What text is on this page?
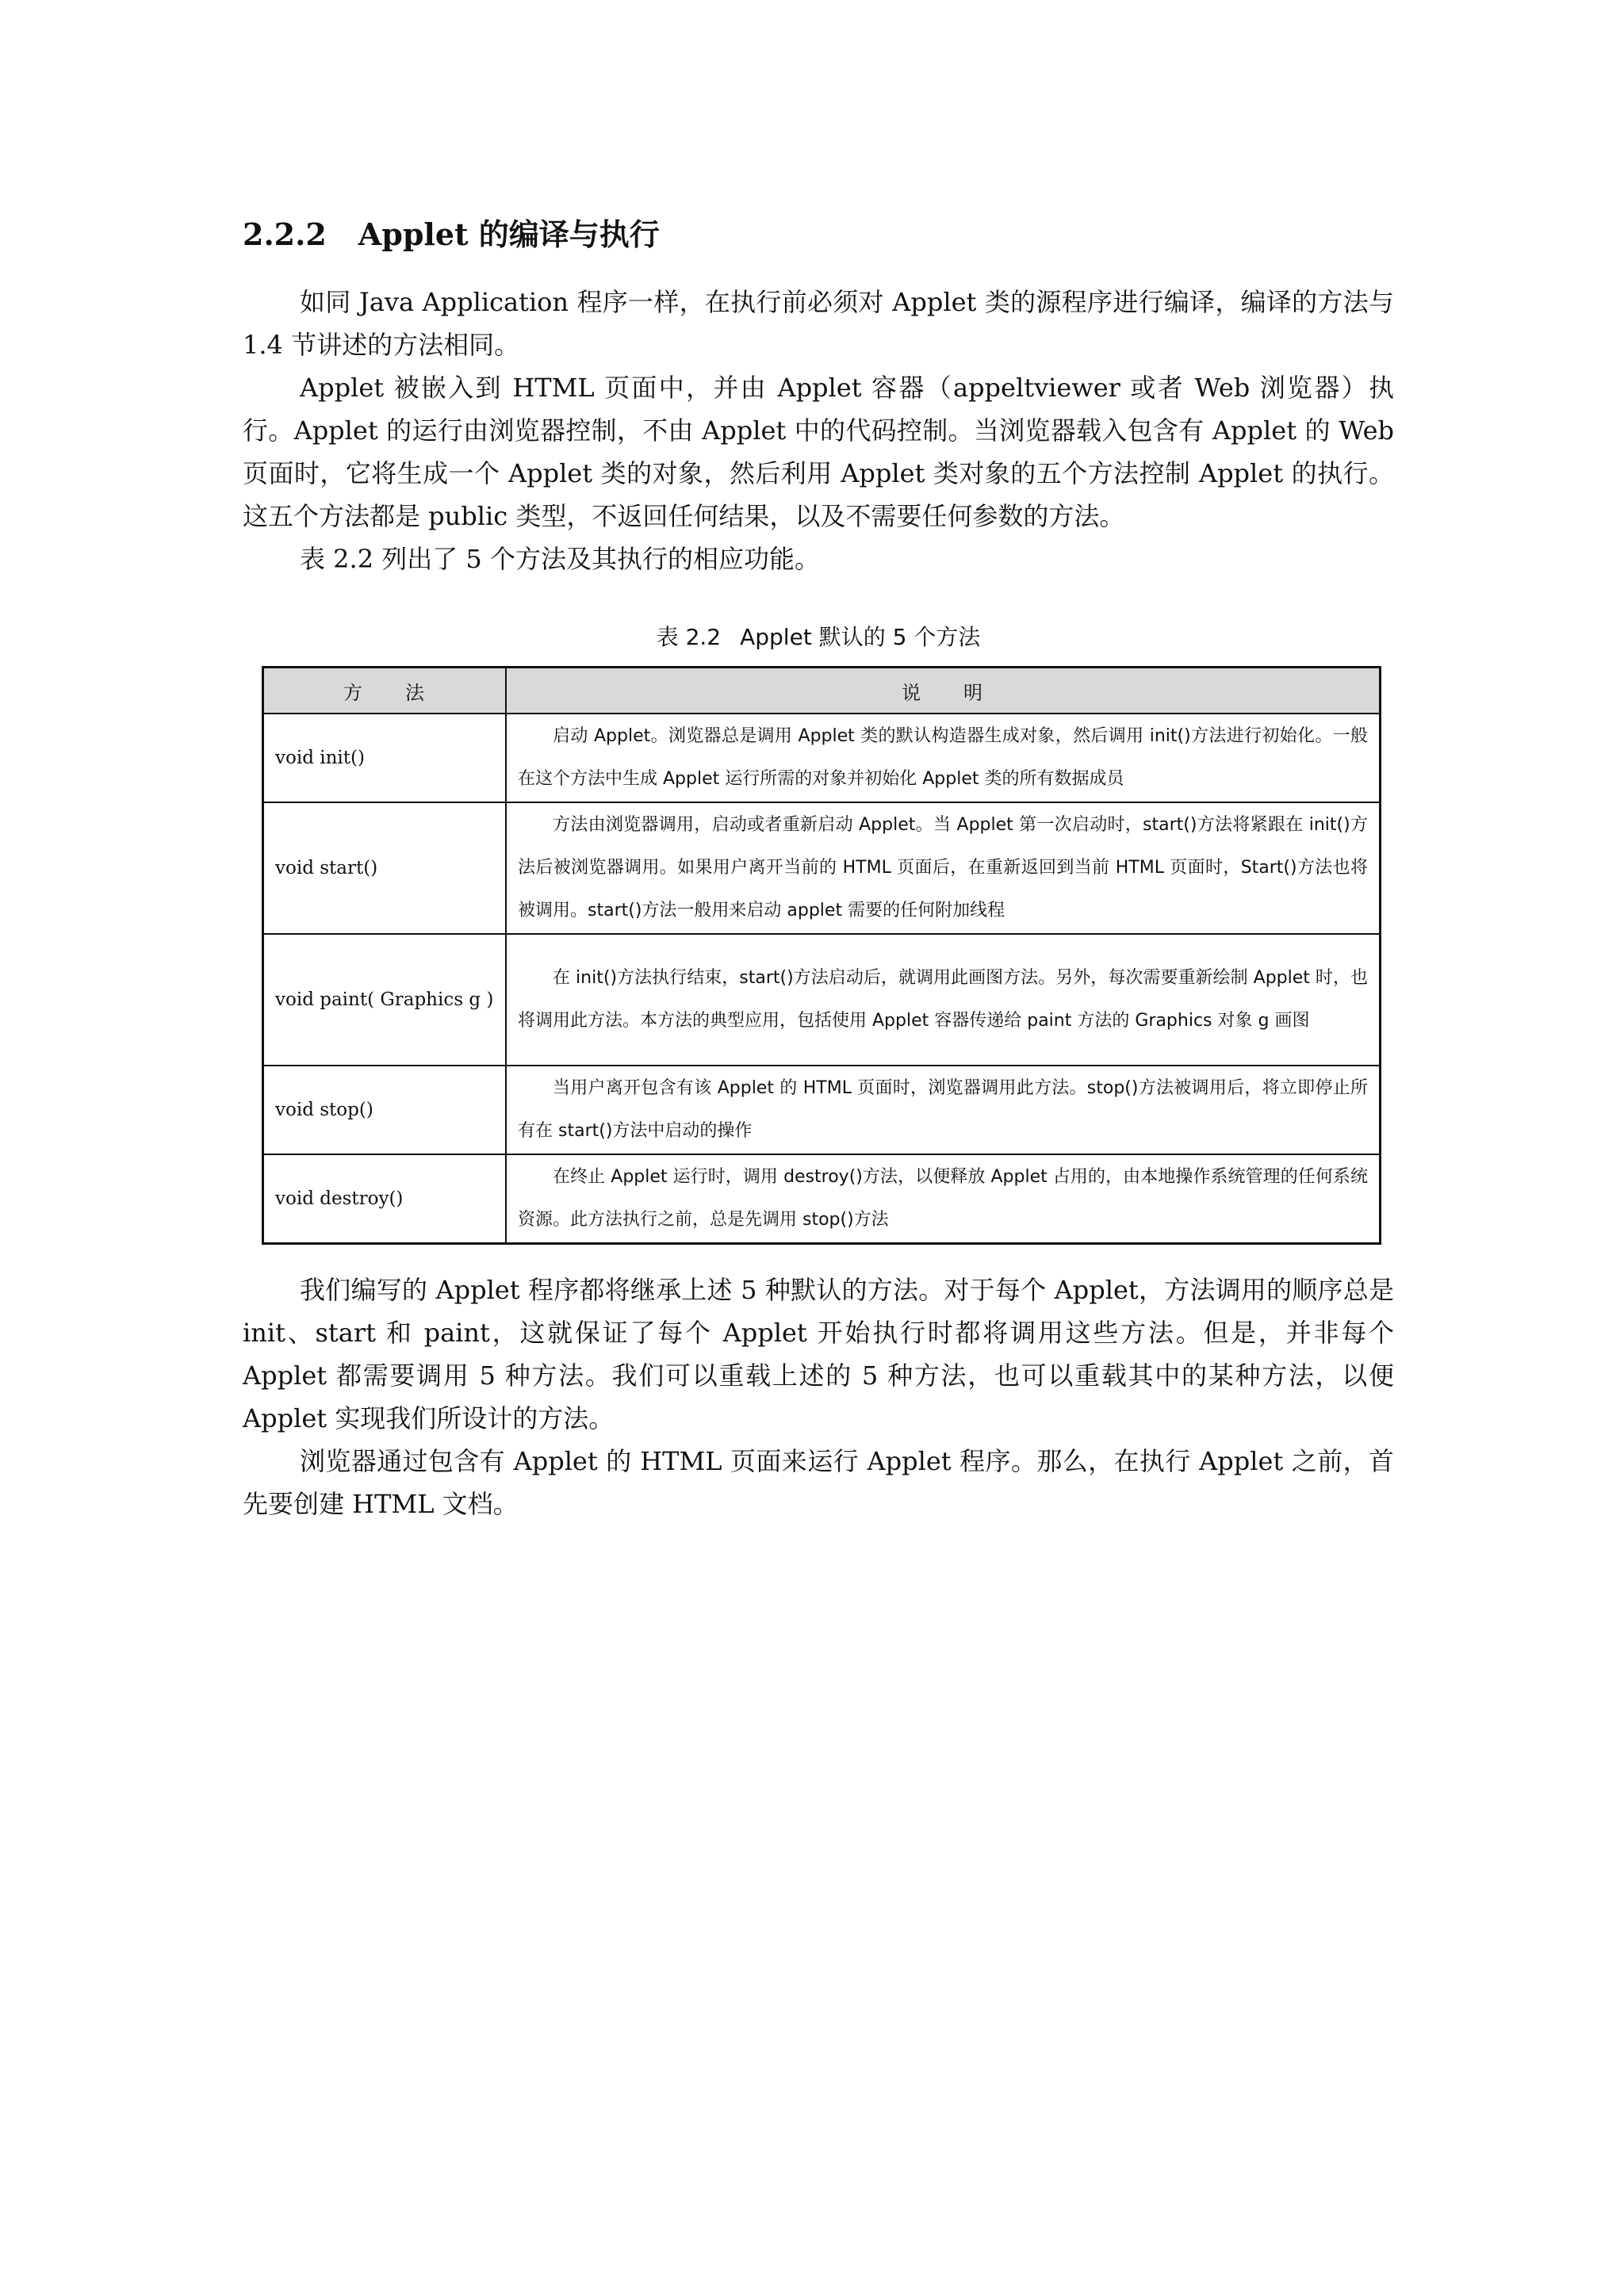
2.2.2 Applet 的编译与执行

如同 Java Application 程序一样，在执行前必须对 Applet 类的源程序进行编译，编译的方法与 1.4 节讲述的方法相同。

Applet 被嵌入到 HTML 页面中，并由 Applet 容器（appeltviewer 或者 Web 浏览器）执行。Applet 的运行由浏览器控制，不由 Applet 中的代码控制。当浏览器载入包含有 Applet 的 Web 页面时，它将生成一个 Applet 类的对象，然后利用 Applet 类对象的五个方法控制 Applet 的执行。这五个方法都是 public 类型，不返回任何结果，以及不需要任何参数的方法。

表 2.2 列出了 5 个方法及其执行的相应功能。

表 2.2 Applet 默认的 5 个方法
方　　法	说　　明
void init()	启动 Applet。浏览器总是调用 Applet 类的默认构造器生成对象，然后调用 init()方法进行初始化。一般在这个方法中生成 Applet 运行所需的对象并初始化 Applet 类的所有数据成员
void start()	方法由浏览器调用，启动或者重新启动 Applet。当 Applet 第一次启动时，start()方法将紧跟在 init()方法后被浏览器调用。如果用户离开当前的 HTML 页面后，在重新返回到当前 HTML 页面时，Start()方法也将被调用。start()方法一般用来启动 applet 需要的任何附加线程
void paint( Graphics g )	在 init()方法执行结束，start()方法启动后，就调用此画图方法。另外，每次需要重新绘制 Applet 时，也将调用此方法。本方法的典型应用，包括使用 Applet 容器传递给 paint 方法的 Graphics 对象 g 画图
void stop()	当用户离开包含有该 Applet 的 HTML 页面时，浏览器调用此方法。stop()方法被调用后，将立即停止所有在 start()方法中启动的操作
void destroy()	在终止 Applet 运行时，调用 destroy()方法，以便释放 Applet 占用的，由本地操作系统管理的任何系统资源。此方法执行之前，总是先调用 stop()方法

我们编写的 Applet 程序都将继承上述 5 种默认的方法。对于每个 Applet，方法调用的顺序总是 init、start 和 paint，这就保证了每个 Applet 开始执行时都将调用这些方法。但是，并非每个 Applet 都需要调用 5 种方法。我们可以重载上述的 5 种方法，也可以重载其中的某种方法，以便 Applet 实现我们所设计的方法。

浏览器通过包含有 Applet 的 HTML 页面来运行 Applet 程序。那么，在执行 Applet 之前，首先要创建 HTML 文档。
